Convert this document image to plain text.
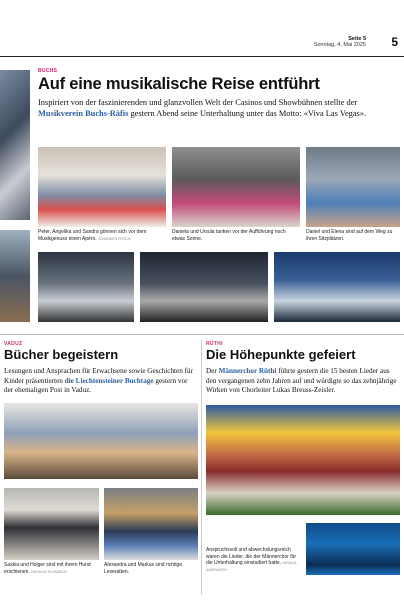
Seite 5
Sonntag, 4. Mai 2025 5
BUCHS
Auf eine musikalische Reise entführt

Inspiriert von der faszinierenden und glanzvollen Welt der Casinos und Showbühnen stellte der Musikverein Buchs-Räfis gestern Abend seine Unterhaltung unter das Motto: «Viva Las Vegas».

Peter, Angelika und Sandra gönnen sich vor dem Musikgenuss einen Apéro. JOHANNES PÖSCH
Daniela und Ursula tanken vor der Aufführung noch etwas Sonne.
Daniel und Elena sind auf dem Weg zu ihren Sitzplätzen.
VADUZ
Bücher begeistern

Lesungen und Ansprachen für Erwachsene sowie Geschichten für Kinder präsentierten die Liechtensteiner Buchtage gestern vor der ehemaligen Post in Vaduz.

Saskia und Holger sind mit ihrem Hund erschienen. NICOLAS SCHMIDLIN
Alexandra und Markus sind richtige Leseratten.
RÜTHI
Die Höhepunkte gefeiert

Der Männerchor Rüthi führte gestern die 15 besten Lieder aus den vergangenen zehn Jahren auf und würdigte so das zehnjährige Wirken von Chorleiter Lukas Breuss-Zeisler.

Anspruchsvoll und abwechslungsreich waren die Lieder, die der Männerchor für die Unterhaltung einstudiert hatte. NATALIA ANDRIANOV
